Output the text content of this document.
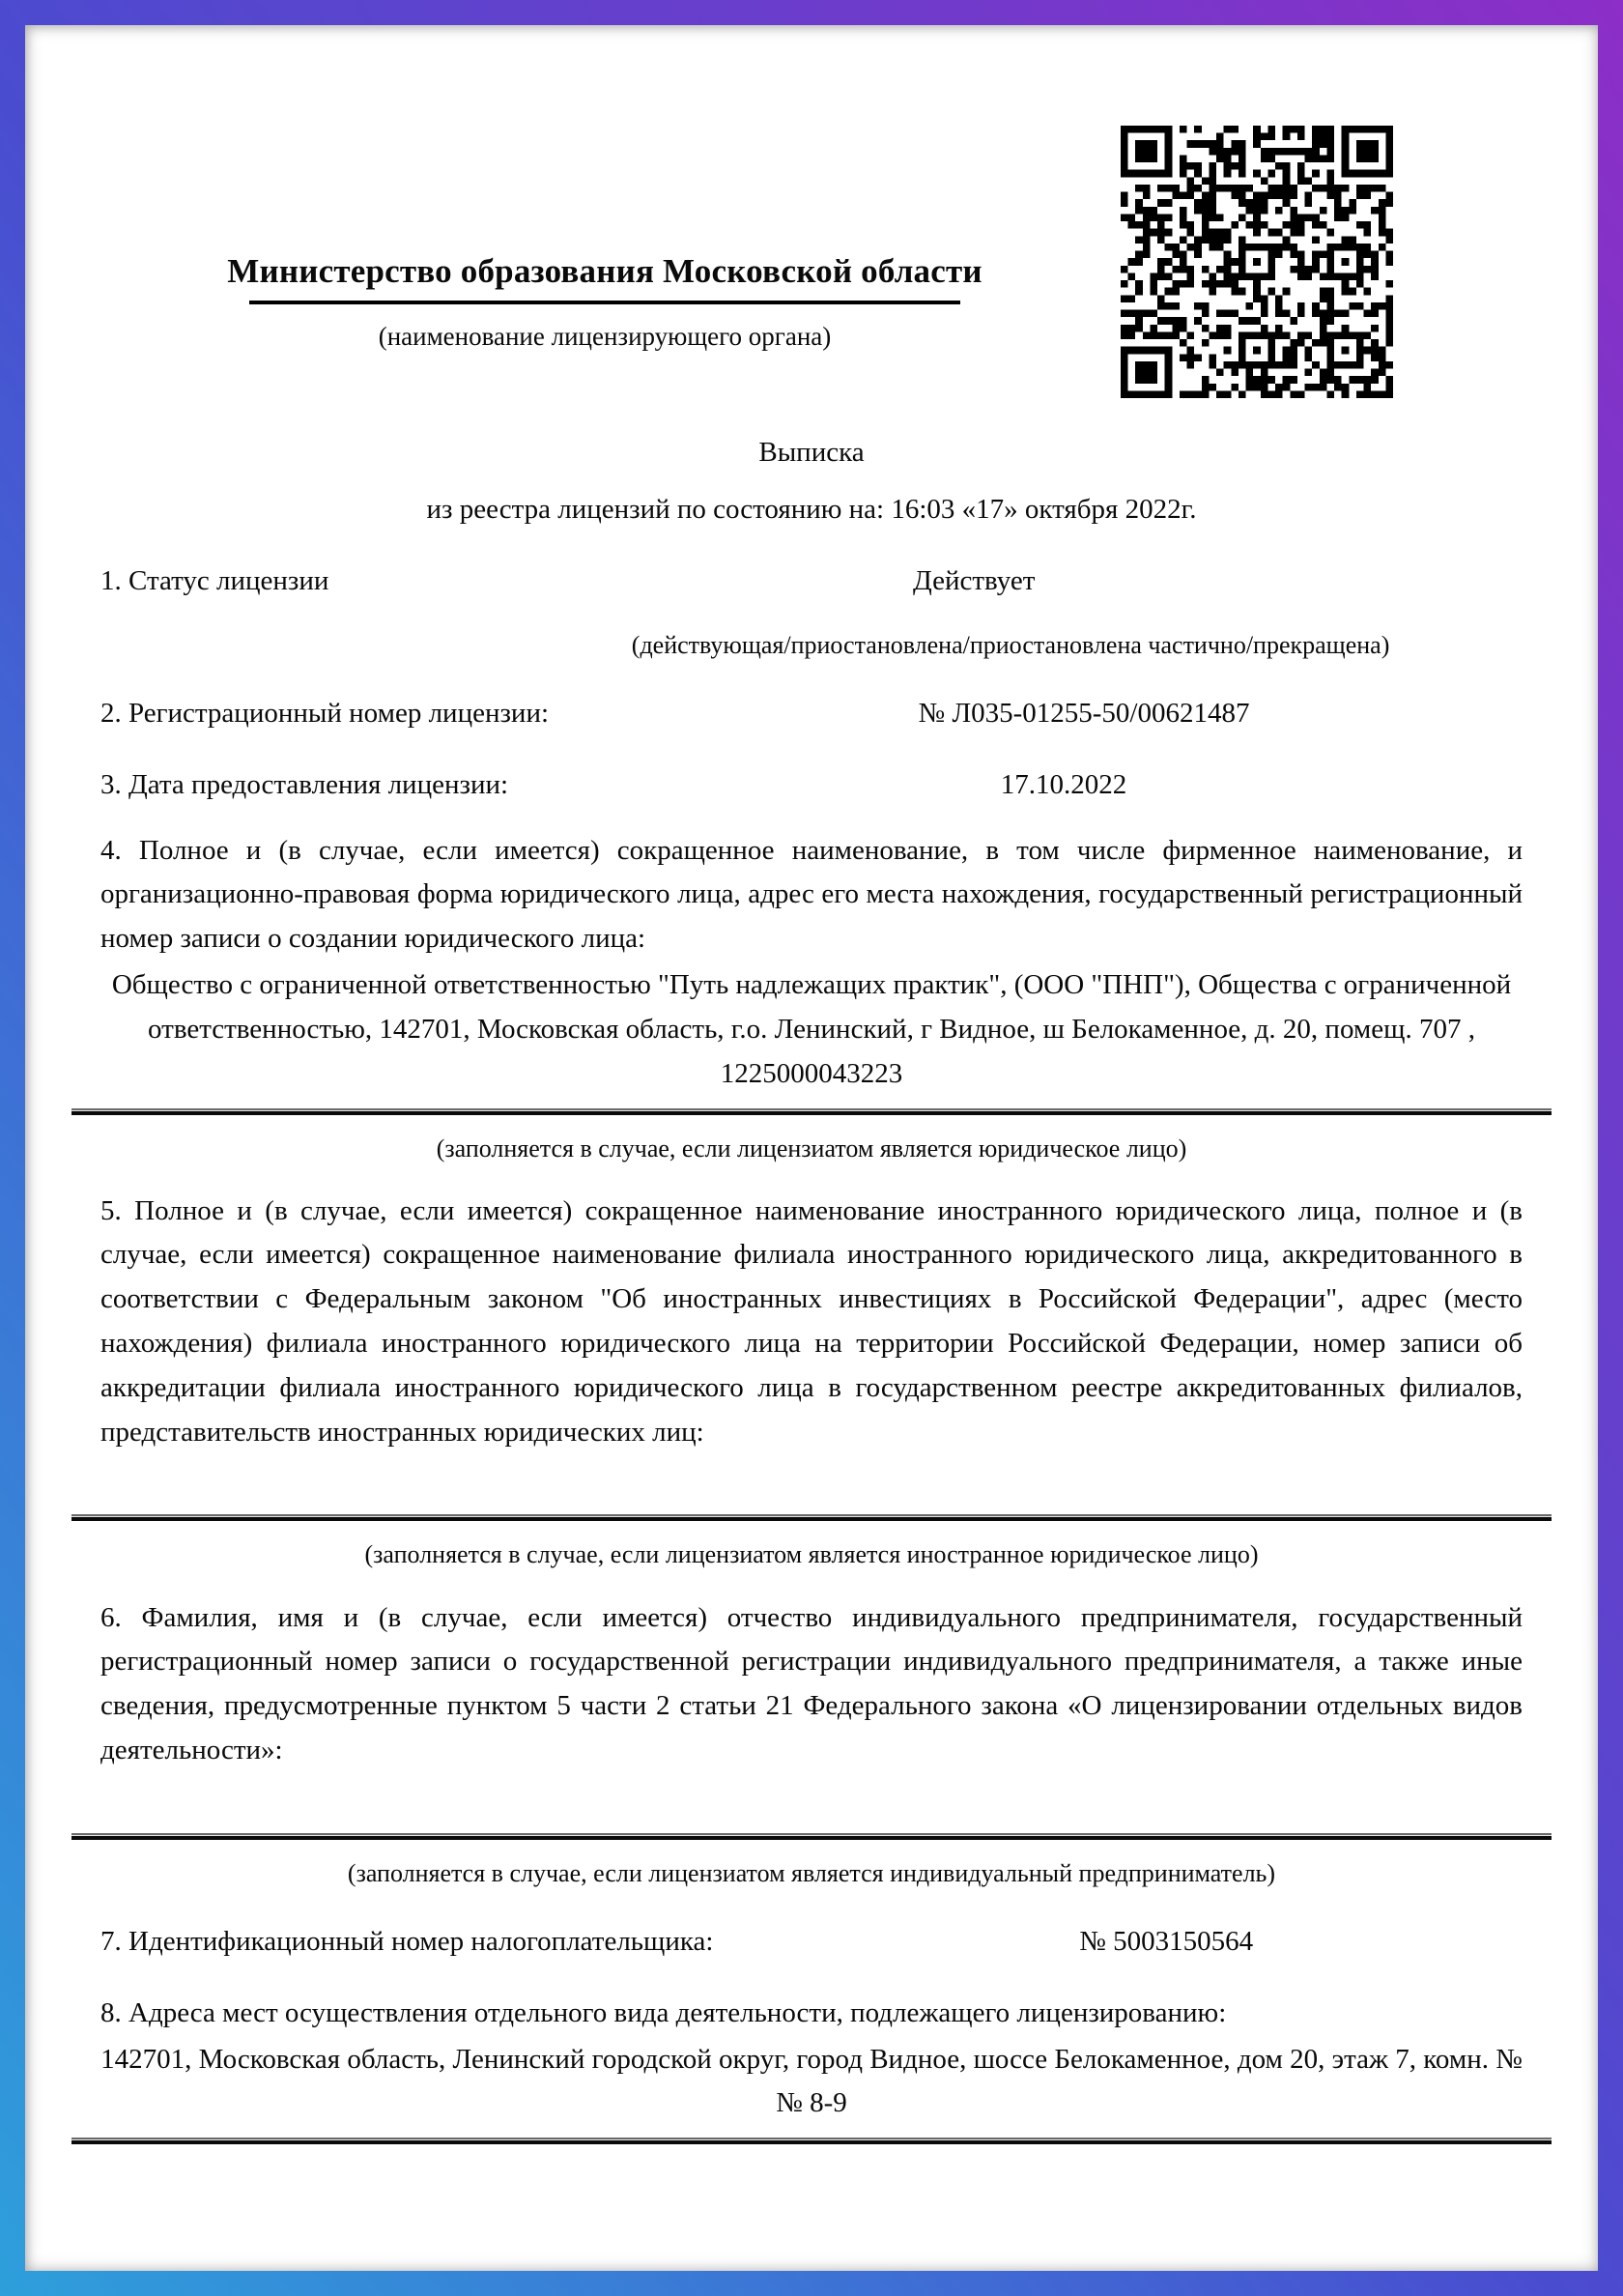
Министерство образования Московской области
(наименование лицензирующего органа)
Выписка
из реестра лицензий по состоянию на: 16:03 «17» октября 2022г.
1. Статус лицензии	Действует
(действующая/приостановлена/приостановлена частично/прекращена)
2. Регистрационный номер лицензии:	№ Л035-01255-50/00621487
3. Дата предоставления лицензии:	17.10.2022

4. Полное и (в случае, если имеется) сокращенное наименование, в том числе фирменное наименование, и организационно-правовая форма юридического лица, адрес его места нахождения, государственный регистрационный номер записи о создании юридического лица:

Общество с ограниченной ответственностью "Путь надлежащих практик", (ООО "ПНП"), Общества с ограниченной ответственностью, 142701, Московская область, г.о. Ленинский, г Видное, ш Белокаменное, д. 20, помещ. 707 , 1225000043223
(заполняется в случае, если лицензиатом является юридическое лицо)

5. Полное и (в случае, если имеется) сокращенное наименование иностранного юридического лица, полное и (в случае, если имеется) сокращенное наименование филиала иностранного юридического лица, аккредитованного в соответствии с Федеральным законом "Об иностранных инвестициях в Российской Федерации", адрес (место нахождения) филиала иностранного юридического лица на территории Российской Федерации, номер записи об аккредитации филиала иностранного юридического лица в государственном реестре аккредитованных филиалов, представительств иностранных юридических лиц:

(заполняется в случае, если лицензиатом является иностранное юридическое лицо)

6. Фамилия, имя и (в случае, если имеется) отчество индивидуального предпринимателя, государственный регистрационный номер записи о государственной регистрации индивидуального предпринимателя, а также иные сведения, предусмотренные пунктом 5 части 2 статьи 21 Федерального закона «О лицензировании отдельных видов деятельности»:

(заполняется в случае, если лицензиатом является индивидуальный предприниматель)
7. Идентификационный номер налогоплательщика:	№ 5003150564

8. Адреса мест осуществления отдельного вида деятельности, подлежащего лицензированию:

142701, Московская область, Ленинский городской округ, город Видное, шоссе Белокаменное, дом 20, этаж 7, комн. №№ 8-9
